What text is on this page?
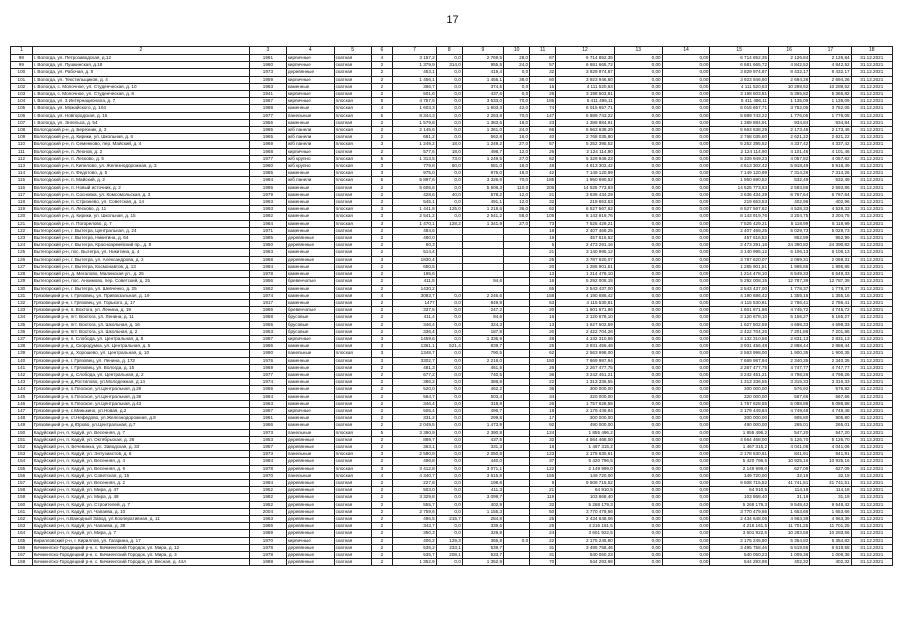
17
1	2	3	4	5	6	7	8	9	10	11	12	13	14	15	16	17	18
98	г. Вологда, ул. Петрозаводская, д.12	1961	кирпичные	скатная	4	3 157,2	0,0	2 769,5	28,0	67	6 714 852,35	0,00	0,00	6 714 852,35	2 126,84	2 126,84	31.12.2021
99	г. Вологда, ул. Пушкинская, д.18	1960	кирпичные	скатная	2	1 379,9	314,0	955,5	24,0	57	6 681 665,72	0,00	0,00	6 681 665,72	4 842,52	4 842,52	31.12.2021
100	г. Вологда, ул. Рабочая, д. 8	1973	деревянные	скатная	2	453,1	0,0	419,4	0,0	32	3 829 974,87	0,00	0,00	3 829 974,87	8 432,17	8 432,17	31.12.2021
101	г. Вологда, ул. Текстильщиков, д. 4	1959	кирпичные	скатная	2	1 456,1	0,0	1 456,1	38,0	60	3 923 946,60	0,00	0,00	3 923 946,60	2 694,26	2 694,26	31.12.2021
102	г. Вологда, с. Молочное, ул. Студенческая, д. 10	1963	каменные	скатная	2	366,7	0,0	374,5	0,0	15	4 111 520,63	0,00	0,00	4 111 520,63	10 289,52	10 289,52	31.12.2021
103	г. Вологда, с. Молочное, ул. Студенческая, д. 8	1941	кирпичные	скатная	2	501,6	0,0	437,6	0,0	26	3 198 503,81	0,00	0,00	3 198 503,81	5 365,82	5 365,82	31.12.2021
104	г. Вологда, ул. 3 Интернационала, д. 7	1967	кирпичные	плоская	5	4 757,5	0,0	3 533,0	70,0	185	5 411 496,11	0,00	0,00	5 411 496,11	1 135,09	1 135,09	31.12.2021
105	г. Вологда, ул. Можайского, д. 104	1988	каменные	плоская	4	1 603,3	0,0	1 603,3	42,0	74	6 015 657,71	0,00	0,00	6 015 657,71	3 752,05	3 752,05	31.12.2021
106	г. Вологда, ул. Новгородская, д. 15	1977	панельные	плоская	5	8 344,3	0,0	2 263,8	70,0	147	5 889 743,22	0,00	0,00	5 889 743,22	1 776,05	1 776,05	31.12.2021
107	г. Вологда, ул. Энгельса, д. 54	1956	каменные	скатная	2	1 579,8	0,0	1 383,6	18,0	23	1 389 884,91	0,00	0,00	1 389 884,91	934,84	934,84	31.12.2021
108	Вологодский р-н, д. Березник, д. 3	1985	ж/б панели	плоская	2	2 145,6	0,0	1 361,0	24,0	66	5 663 638,29	0,00	0,00	5 663 638,29	2 173,46	2 173,46	31.12.2021
109	Вологодский р-н, д. Кирики, ул. Школьная, д. 6	1965	ж/б панели	скатная	2	681,2	0,0	562,8	16,0	40	2 768 035,60	0,00	0,00	2 768 035,60	2 621,22	2 621,22	31.12.2021
110	Вологодский р-н, п. Семенково, пер. Майский, д. 4	1969	ж/б панели	плоская	3	1 249,2	18,0	1 249,2	27,0	57	5 252 395,52	0,00	0,00	5 252 395,52	4 337,42	4 337,42	31.12.2021
111	Вологодский р-н, п. Леонов, д. 2	1968	кирпичные	скатная	2	577,6	18,0	498,7	12,0	26	2 124 114,90	0,00	0,00	2 124 114,90	4 101,46	4 101,46	31.12.2021
112	Вологодский р-н, п. Лесково, д. 5	1977	ж/б крупно	плоская	5	1 313,5	73,0	1 249,5	27,0	62	5 329 949,23	0,00	0,00	5 329 949,23	4 057,82	4 057,82	31.12.2021
113	Вологодский р-н, п. Кипелово, ул. Железнодорожная, д. 3	1960	ж/б крупно	плоская	3	779,8	60,0	581,0	18,0	48	4 613 302,42	0,00	0,00	4 613 302,42	5 918,49	5 918,49	31.12.2021
114	Вологодский р-н, п. Федотово, д. 5	1985	каменные	плоская	3	975,0	0,0	975,0	18,0	42	7 149 120,99	0,00	0,00	7 149 120,99	7 314,26	7 314,26	31.12.2021
115	Вологодский р-н, п. Майский, д. 2	1984	ж/б панели	плоская	5	5 897,6	0,0	3 326,6	70,0	185	1 950 690,52	0,00	0,00	1 950 690,52	532,49	532,49	31.12.2021
116	Вологодский р-н, п. Новый источник, д. 2	1986	каменные	скатная	2	5 605,6	0,0	5 506,3	110,0	206	14 525 773,83	0,00	0,00	14 525 773,83	2 593,86	2 593,86	31.12.2021
117	Вологодский р-н, п. Сосновка, ул. Комсомольская, д. 3	1979	каменные	скатная	2	428,6	40,0	578,2	12,0	21	3 636 434,29	0,00	0,00	3 636 434,29	6 767,64	6 767,64	31.12.2021
118	Вологодский р-н, п. Стризнево, ул. Советская, д. 14	1963	каменные	скатная	2	545,1	0,0	491,1	12,0	32	219 653,53	0,00	0,00	219 653,53	402,96	402,96	31.12.2021
119	Вологодский р-н, п. Лесково, д. 11	1993	каменные	плоская	3	1 441,8	125,0	1 218,6	36,0	62	6 527 567,62	0,00	0,00	6 527 567,62	4 528,33	4 528,33	31.12.2021
120	Вологодский р-н, д. Кирики, ул. Школьная, д. 15	1992	каменные	плоская	3	2 541,2	0,0	2 541,2	58,0	105	8 143 919,76	0,00	0,00	8 143 919,76	3 204,75	3 204,75	31.12.2021
121	Вологодский р-н, п. Погорелово, д. 7	1984	каменные	плоская	3	1 470,1	128,2	1 341,9	27,0	73	7 525 429,21	0,00	0,00	7 525 429,21	5 118,99	5 118,99	31.12.2021
122	Вытегорский р-н, г. Вытегра, Центральная, д. 24	1971	каменные	скатная	2	484,6				18	2 407 469,25	0,00	0,00	2 407 469,25	5 029,73	5 029,73	31.12.2021
123	Вытегорский р-н, г. Вытегра, Никитина, д. 64	1985	деревянные	скатная	2	480,0				19	457 616,52	0,00	0,00	457 616,52	952,99	952,99	31.12.2021
124	Вытегорский р-н, г. Вытегра, Красноармейский пр., д. 8	1950	деревянные	скатная	2	60,3				5	2 473 291,16	0,00	0,00	2 473 291,16	24 390,82	24 390,82	31.12.2021
125	Вытегорский р-н, пос. Вытегра, ул. Никитина, д. 4	1963	каменные	скатная	2	514,4				21	3 140 995,12	0,00	0,00	3 140 995,12	6 106,13	6 106,13	31.12.2021
126	Вытегорский р-н, г. Вытегра, ул. Александрова, д. 2	1968	деревянные	скатная	3	1830,4				25	3 787 620,07	0,00	0,00	3 787 620,07	2 069,31	2 069,31	31.12.2021
127	Вытегорский р-н, г. Вытегра, Космонавтов, д. 13	1984	каменные	скатная	2	650,5				20	1 285 901,51	0,00	0,00	1 285 901,51	1 995,85	1 995,85	31.12.2021
128	Вытегорский р-н, д. Мегалово, Малинская ул., д. 25	1978	каменные	скатная	2	195,6				13	1 214 478,10	0,00	0,00	1 214 478,10	6 549,33	6 549,33	31.12.2021
129	Вытегорский р-н, пос. Анхимово, пер. Советский, д. 25	1956	бревенчатые	скатная	2	411,5		94,6		16	5 292 008,15	0,00	0,00	5 292 008,15	12 787,39	12 787,39	31.12.2021
130	Вытегорский р-н, г. Вытегра, ул. Шевченко, д. 25	1962	каменные	скатная	2	1430,2				65	2 543 437,00	0,00	0,00	2 543 437,00	1 778,37	1 778,37	31.12.2021
131	Грязовецкий р-н, г. Грязовец, ул. Привокзальная, д. 19	1974	каменные	скатная	4	3093,7	0,0	2 246,6		158	4 190 686,42	0,00	0,00	4 190 686,42	1 355,16	1 355,16	31.12.2021
132	Грязовецкий р-н, г. Грязовец, ул. Горького, д. 17	1917	каменные	скатная	2	1477	0,0	849,9		53	4 115 530,81	0,00	0,00	4 115 530,81	2 786,41	2 786,41	31.12.2021
133	Грязовецкий р-н, п. Вохтога, ул. Ленина, д. 19	1966	бревенчатые	скатная	2	337,5	0,0	247,2		20	1 601 671,86	0,00	0,00	1 601 671,86	4 745,72	4 745,72	31.12.2021
134	Грязовецкий р-н, пгт. Вохтога, ул. Ленина, д. 11	1958	брусовые	скатная	2	411,4	0,0	94,6		16	2 120 678,10	0,00	0,00	2 120 678,10	5 155,27	5 155,27	31.12.2021
135	Грязовецкий р-н, пгт. Вохтога, ул. Школьная, д. 16	1955	брусовые	скатная	2	346,4	0,0	324,3		13	1 627 502,59	0,00	0,00	1 627 502,59	4 698,33	4 698,33	31.12.2021
136	Грязовецкий р-н, пгт. Вохтога, ул. Школьная, д. 2	1953	брусовые	скатная	2	336,4	0,0	187,8		20	2 422 704,26	0,00	0,00	2 422 704,26	7 201,86	7 201,86	31.12.2021
137	Грязовецкий р-н, п. Слобода, ул. Центральная, д. 8	1987	кирпичные	скатная	3	1459,6	0,0	1 336,9		48	4 132 310,56	0,00	0,00	4 132 310,56	2 831,13	2 831,13	31.12.2021
138	Грязовецкий р-н, д. Скородумка, ул. Центральная, д. 5	1986	каменные	скатная	3	1361,1	521,4	839,7		25	3 931 456,48	0,00	0,00	3 931 456,48	2 888,44	2 888,44	31.12.2021
139	Грязовецкий р-н, д. Хорошево, ул. Центральная, д. 10	1990	панельные	плоская	3	1348,7	0,0	790,5		62	2 563 998,00	0,00	0,00	2 563 998,00	1 900,35	1 900,35	31.12.2021
140	Грязовецкий р-н, г. Грязовец, ул. Ленина, д. 172	1976	каменные	скатная	3	3302,7	0,0	2 218,0		150	7 669 987,94	0,00	0,00	7 669 987,94	2 340,35	2 340,35	31.12.2021
141	Грязовецкий р-н, г. Грязовец, ул. Вологда, д. 15	1969	каменные	скатная	2	481,3	0,0	461,5		26	2 267 477,75	0,00	0,00	2 267 477,75	4 747,77	4 747,77	31.12.2021
142	Грязовецкий р-н, д. Слобода, ул. Центральная, д. 2	1977	каменные	скатная	2	677,2	0,0	740,5		36	3 242 451,21	0,00	0,00	3 242 451,21	4 798,26	4 798,26	31.12.2021
143	Грязовецкий р-н, д.Ростилово, ул.Молодежная, д.14	1974	каменные	скатная	2	386,2	0,0	386,8		22	1 313 336,55	0,00	0,00	1 313 336,55	3 315,33	3 315,33	31.12.2021
144	Грязовецкий р-н, п.Плоское, ул.Центральная, д.29	1966	каменные	скатная	2	520,0	0,0	462,2		36	300 000,00	0,00	0,00	300 000,00	576,92	576,92	31.12.2021
145	Грязовецкий р-н, п.Плоское, ул.Центральная, д.39	1964	каменные	скатная	2	564,7	0,0	503,4		34	320 000,00	0,00	0,00	320 000,00	567,66	567,66	31.12.2021
146	Грязовецкий р-н, п.Плоское, ул.Центральная, д.43	1963	каменные	скатная	2	346,4	0,0	318,8		26	1 757 628,55	0,00	0,00	1 757 628,55	5 088,88	5 088,88	31.12.2021
147	Грязовецкий р-н, с.Минькино, ул.Новая, д.2	1967	кирпичные	скатная	2	505,4	0,0	496,7		18	2 179 449,84	0,00	0,00	2 179 449,84	4 749,48	4 749,48	31.12.2021
148	Грязовецкий р-н, ст.Нефедово, ул.Железнодорожная, д.9	1961	каменные	скатная	2	331,2	0,0	299,8		17	300 000,00	0,00	0,00	300 000,00	905,80	905,80	31.12.2021
149	Грязовецкий р-н, д.Юрово, ул.Центральная, д.7	1966	каменные	скатная	2	2 049,5	0,0	1 473,9		92	490 000,00	0,00	0,00	490 000,00	265,01	265,01	31.12.2021
150	Кадуйский р-н, п. Кадуй, ул. Весенняя, д. 7	1973	панельные	плоская	5	3 390,9	0,0	2 390,8		124	1 855 496,2	0,00	0,00	1 855 496,2	547,20	547,20	31.12.2021
151	Кадуйский р-н, п. Кадуй, ул. Октябрьская, д. 26	1953	деревянные	скатная	2	889,7	0,0	437,5		32	4 564 468,00	0,00	0,00	4 564 468,00	5 126,70	5 126,70	31.12.2021
152	Кадуйский р-н, п. Бечевинка, ул. Заводская, д. 33	1957	деревянные	скатная	2	363,1	0,0	331,3		18	1 467 315,2	0,00	0,00	1 467 315,2	4 041,06	4 041,06	31.12.2021
153	Кадуйский р-н, п. Кадуй, ул. Энтузиастов, д. 6	1973	панельные	плоская	3	2 590,9	0,0	2 050,8		123	2 178 630,61	0,00	0,00	2 178 630,61	841,91	841,91	31.12.2021
154	Кадуйский р-н, п. Кадуй, ул. Весенняя, д. 4	1984	деревянные	скатная	2	496,8	0,0	440,0		37	5 420 796,5	0,00	0,00	5 420 796,5	10 925,16	10 925,16	31.12.2021
155	Кадуйский р-н, п. Кадуй, ул. Весенняя, д. 9	1978	деревянные	плоская	3	3 412,8	0,0	3 071,1		122	2 149 999,0	0,00	0,00	2 149 999,0	627,09	627,09	31.12.2021
156	Кадуйский р-н, п. Кадуй, ул. Советская, д. 15	1970	панельные	плоская	4	4 340,7	0,0	3 615,8		155	149 720,00	0,00	0,00	149 720,00	32,19	32,19	31.12.2021
157	Кадуйский р-н, п. Кадуй, ул. Весенняя, д. 2	1984	деревянные	скатная	2	227,8	0,0	198,8		9	9 508 715,52	0,00	0,00	9 508 715,52	41 741,51	41 741,51	31.12.2021
158	Кадуйский р-н, п. Кадуй, ул. Мира, д. 47	1952	деревянные	скатная	2	503,0	0,0	411,3		21	64 910,5	0,00	0,00	64 910,5	114,18	114,18	31.12.2021
159	Кадуйский р-н, п. Кадуй, ул. Мира, д. 48	1982	деревянные	скатная	2	3 329,8	0,0	3 099,7		119	103 868,40	0,00	0,00	103 868,40	31,19	31,19	31.12.2021
160	Кадуйский р-н, п. Кадуй, ул. Строителей, д. 7	1952	деревянные	скатная	2	555,7	0,0	402,9		32	5 268 179,3	0,00	0,00	5 268 179,3	9 548,42	9 548,42	31.12.2021
161	Кадуйский р-н, п. Кадуй, ул. Чапаева, д. 10	2004	деревянные	скатная	2	2 759,6	0,0	1 155,3		50	3 770 479,66	0,00	0,00	3 770 479,66	1 653,66	1 653,66	31.12.2021
162	Кадуйский р-н, п.Ванодный Завод, ул.Кооперативная, д. 11	1963	деревянные	скатная	2	496,5	215,7	284,8		25	2 434 648,06	0,00	0,00	2 434 648,06	4 963,39	4 963,39	31.12.2021
163	Кадуйский р-н, п. Кадуй, ул. Чапаева, д. 38	1966	деревянные	скатная	2	343,7	0,0	339,6		25	4 216 161,5	0,00	0,00	4 216 161,5	11 701,25	11 701,25	31.12.2021
164	Кадуйский р-н, п. Кадуй, ул. Мира, д. 7	1989	деревянные	скатная	2	350,3	0,0	328,8		24	3 601 922,5	0,00	0,00	3 601 922,5	10 283,56	10 283,56	31.12.2021
165	Кирилловский р-н, г. Кириллов, ул. Гагарина, д. 17	1970	кирпичные	скатная	2	406,2	129,3	365,8	0,0	22	2 175 245,80	0,00	0,00	2 175 245,80	5 354,82	5 354,82	31.12.2021
166	Кичменгско-Городецкий р-н, с. Кичменгский Городок, ул. Мира, д. 12	1978	деревянные	скатная	2	535,2	233,1	539,7		31	3 495 758,46	0,00	0,00	3 495 758,46	6 519,55	6 519,55	31.12.2021
167	Кичменгско-Городецкий р-н, с. Кичменгский Городок, ул. Мира, д. 3	1978	деревянные	скатная	2	535,7	208,1	533,7		31	540 050,23	0,00	0,00	540 050,23	1 009,36	1 009,36	31.12.2021
168	Кичменгско-Городецкий р-н, с. Кичменгский Городок, ул. Весная, д. 44А	1988	деревянные	скатная	2	1 352,9	0,0	1 352,9		70	544 293,98	0,00	0,00	544 293,98	402,32	402,32	31.12.2021
